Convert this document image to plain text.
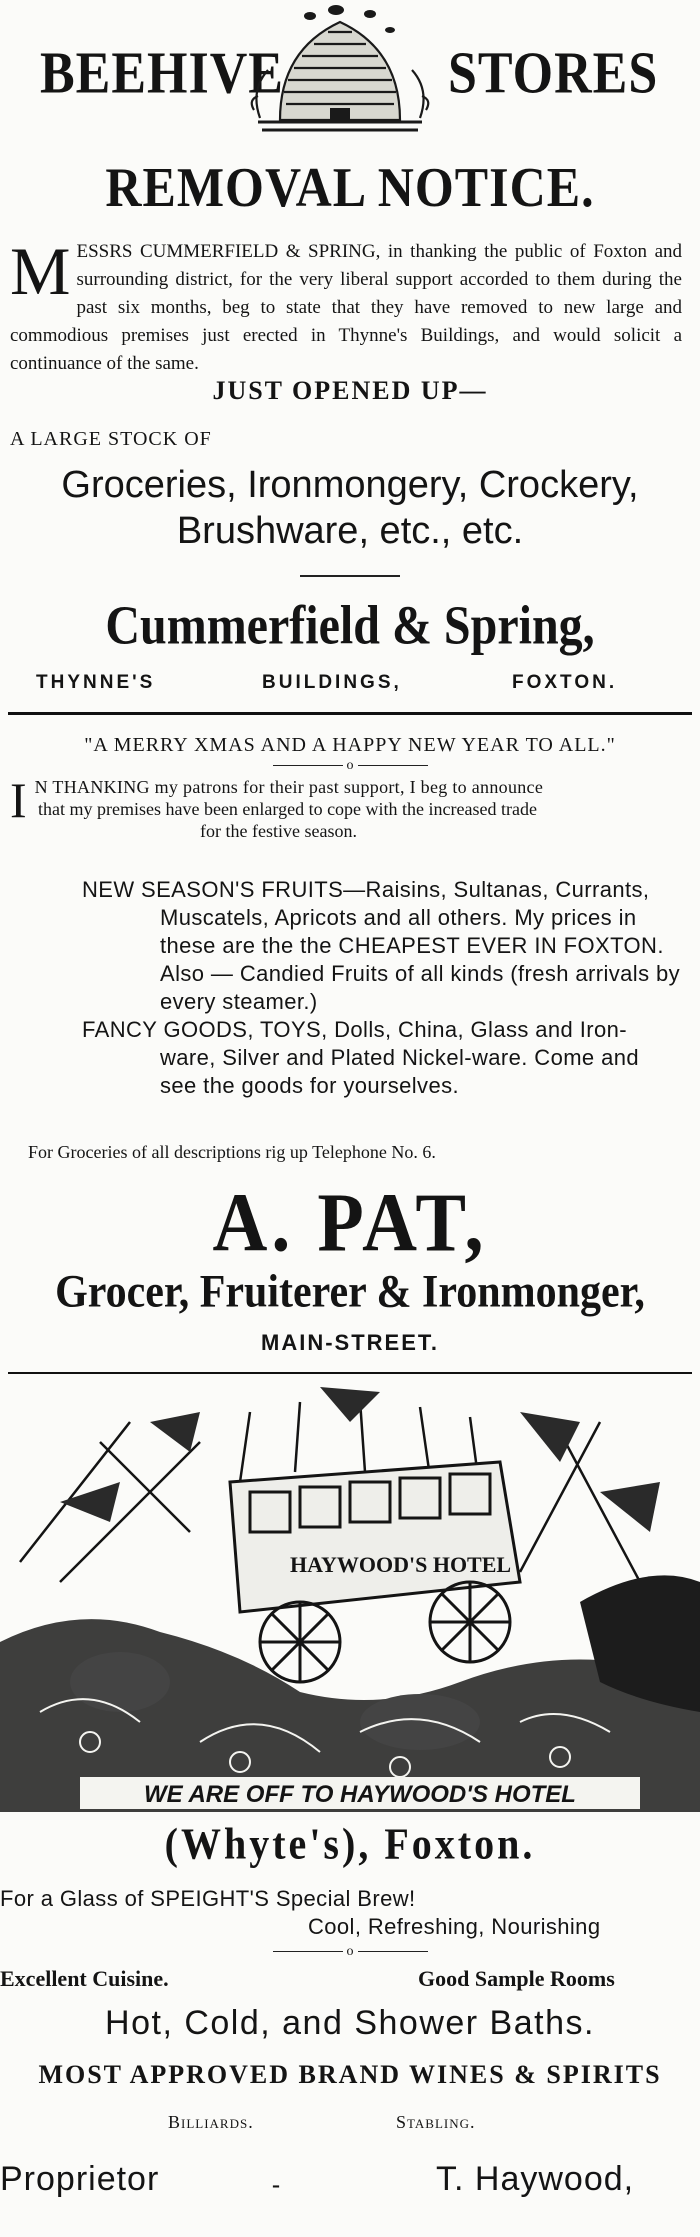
BEEHIVE	STORES
REMOVAL NOTICE.
M ESSRS CUMMERFIELD & SPRING, in thanking the public of Foxton and surrounding district, for the very liberal support accorded to them during the past six months, beg to state that they have removed to new large and commodious premises just erected in Thynne's Buildings, and would solicit a continuance of the same.
JUST OPENED UP—
A LARGE STOCK OF
Groceries, Ironmongery, Crockery,
Brushware, etc., etc.
Cummerfield & Spring,
THYNNE'S	BUILDINGS,	FOXTON.
"A MERRY XMAS AND A HAPPY NEW YEAR TO ALL."
o
I N THANKING my patrons for their past support, I beg to announce
that my premises have been enlarged to cope with the increased trade
for the festive season.

NEW SEASON'S FRUITS—Raisins, Sultanas, Currants, Muscatels, Apricots and all others. My prices in these are the the CHEAPEST EVER IN FOXTON. Also — Candied Fruits of all kinds (fresh arrivals by every steamer.)

FANCY GOODS, TOYS, Dolls, China, Glass and Iron-ware, Silver and Plated Nickel-ware. Come and see the goods for yourselves.

For Groceries of all descriptions rig up Telephone No. 6.
A. PAT,
Grocer, Fruiterer & Ironmonger,
MAIN-STREET.
HAYWOOD'S HOTEL
WE ARE OFF TO HAYWOOD'S HOTEL
(Whyte's), Foxton.
For a Glass of SPEIGHT'S Special Brew!
Cool, Refreshing, Nourishing
o
Excellent Cuisine.	Good Sample Rooms
Hot, Cold, and Shower Baths.
MOST APPROVED BRAND WINES & SPIRITS
Billiards.	Stabling.
Proprietor	-	T. Haywood,
